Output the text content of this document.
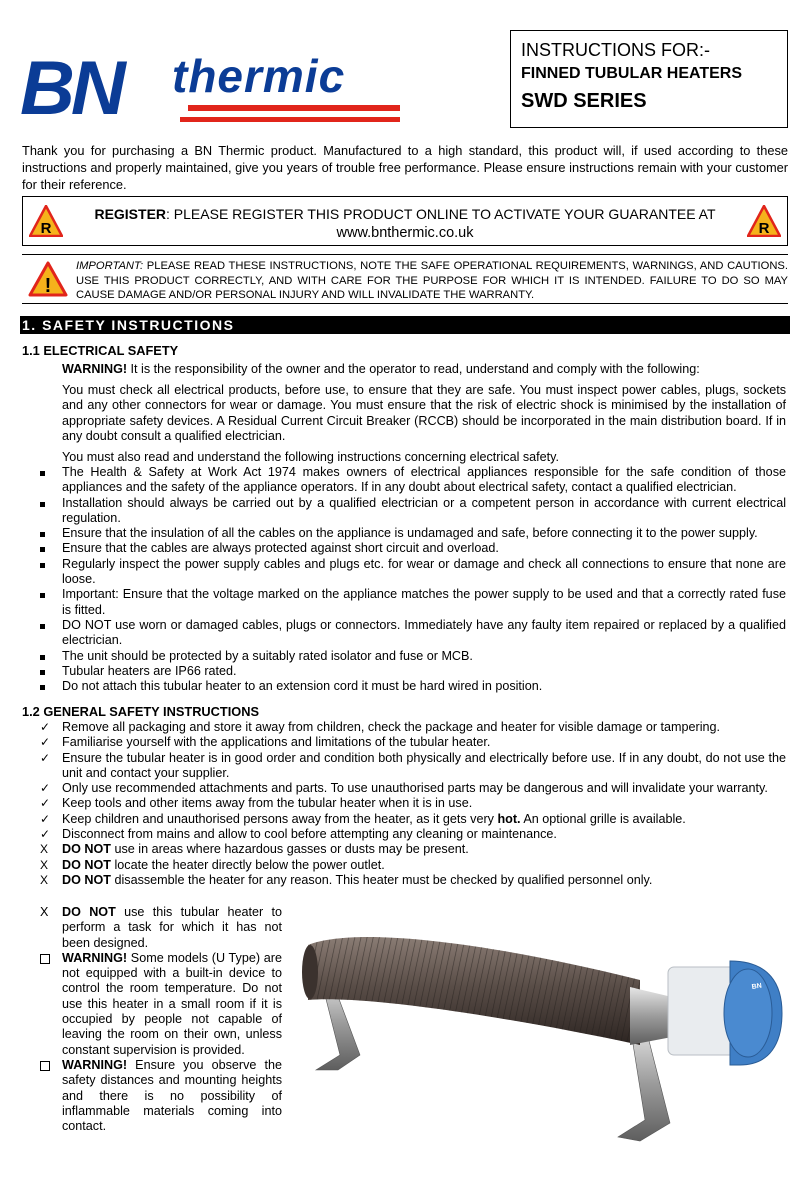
BN thermic	INSTRUCTIONS FOR:-
FINNED TUBULAR HEATERS
SWD SERIES

Thank you for purchasing a BN Thermic product. Manufactured to a high standard, this product will, if used according to these instructions and properly maintained, give you years of trouble free performance. Please ensure instructions remain with your customer for their reference.

R
REGISTER: PLEASE REGISTER THIS PRODUCT ONLINE TO ACTIVATE YOUR GUARANTEE AT
www.bnthermic.co.uk	R
!
IMPORTANT: PLEASE READ THESE INSTRUCTIONS, NOTE THE SAFE OPERATIONAL REQUIREMENTS, WARNINGS, AND CAUTIONS. USE THIS PRODUCT CORRECTLY, AND WITH CARE FOR THE PURPOSE FOR WHICH IT IS INTENDED. FAILURE TO DO SO MAY CAUSE DAMAGE AND/OR PERSONAL INJURY AND WILL INVALIDATE THE WARRANTY.
1. SAFETY INSTRUCTIONS
1.1 ELECTRICAL SAFETY

WARNING! It is the responsibility of the owner and the operator to read, understand and comply with the following:

You must check all electrical products, before use, to ensure that they are safe. You must inspect power cables, plugs, sockets and any other connectors for wear or damage. You must ensure that the risk of electric shock is minimised by the installation of appropriate safety devices. A Residual Current Circuit Breaker (RCCB) should be incorporated in the main distribution board. If in any doubt consult a qualified electrician.

You must also read and understand the following instructions concerning electrical safety.

The Health & Safety at Work Act 1974 makes owners of electrical appliances responsible for the safe condition of those appliances and the safety of the appliance operators. If in any doubt about electrical safety, contact a qualified electrician.
Installation should always be carried out by a qualified electrician or a competent person in accordance with current electrical regulation.
Ensure that the insulation of all the cables on the appliance is undamaged and safe, before connecting it to the power supply.
Ensure that the cables are always protected against short circuit and overload.
Regularly inspect the power supply cables and plugs etc. for wear or damage and check all connections to ensure that none are loose.
Important: Ensure that the voltage marked on the appliance matches the power supply to be used and that a correctly rated fuse is fitted.
DO NOT use worn or damaged cables, plugs or connectors. Immediately have any faulty item repaired or replaced by a qualified electrician.
The unit should be protected by a suitably rated isolator and fuse or MCB.
Tubular heaters are IP66 rated.
Do not attach this tubular heater to an extension cord it must be hard wired in position.
1.2 GENERAL SAFETY INSTRUCTIONS
✓ Remove all packaging and store it away from children, check the package and heater for visible damage or tampering.
✓ Familiarise yourself with the applications and limitations of the tubular heater.
✓ Ensure the tubular heater is in good order and condition both physically and electrically before use. If in any doubt, do not use the unit and contact your supplier.
✓ Only use recommended attachments and parts. To use unauthorised parts may be dangerous and will invalidate your warranty.
✓ Keep tools and other items away from the tubular heater when it is in use.
✓ Keep children and unauthorised persons away from the heater, as it gets very hot. An optional grille is available.
✓ Disconnect from mains and allow to cool before attempting any cleaning or maintenance.
X DO NOT use in areas where hazardous gasses or dusts may be present.
X DO NOT locate the heater directly below the power outlet.
X DO NOT disassemble the heater for any reason. This heater must be checked by qualified personnel only.
X DO NOT use this tubular heater to perform a task for which it has not been designed.
WARNING! Some models (U Type) are not equipped with a built-in device to control the room temperature. Do not use this heater in a small room if it is occupied by people not capable of leaving the room on their own, unless constant supervision is provided.
WARNING! Ensure you observe the safety distances and mounting heights and there is no possibility of inflammable materials coming into contact.
BN
